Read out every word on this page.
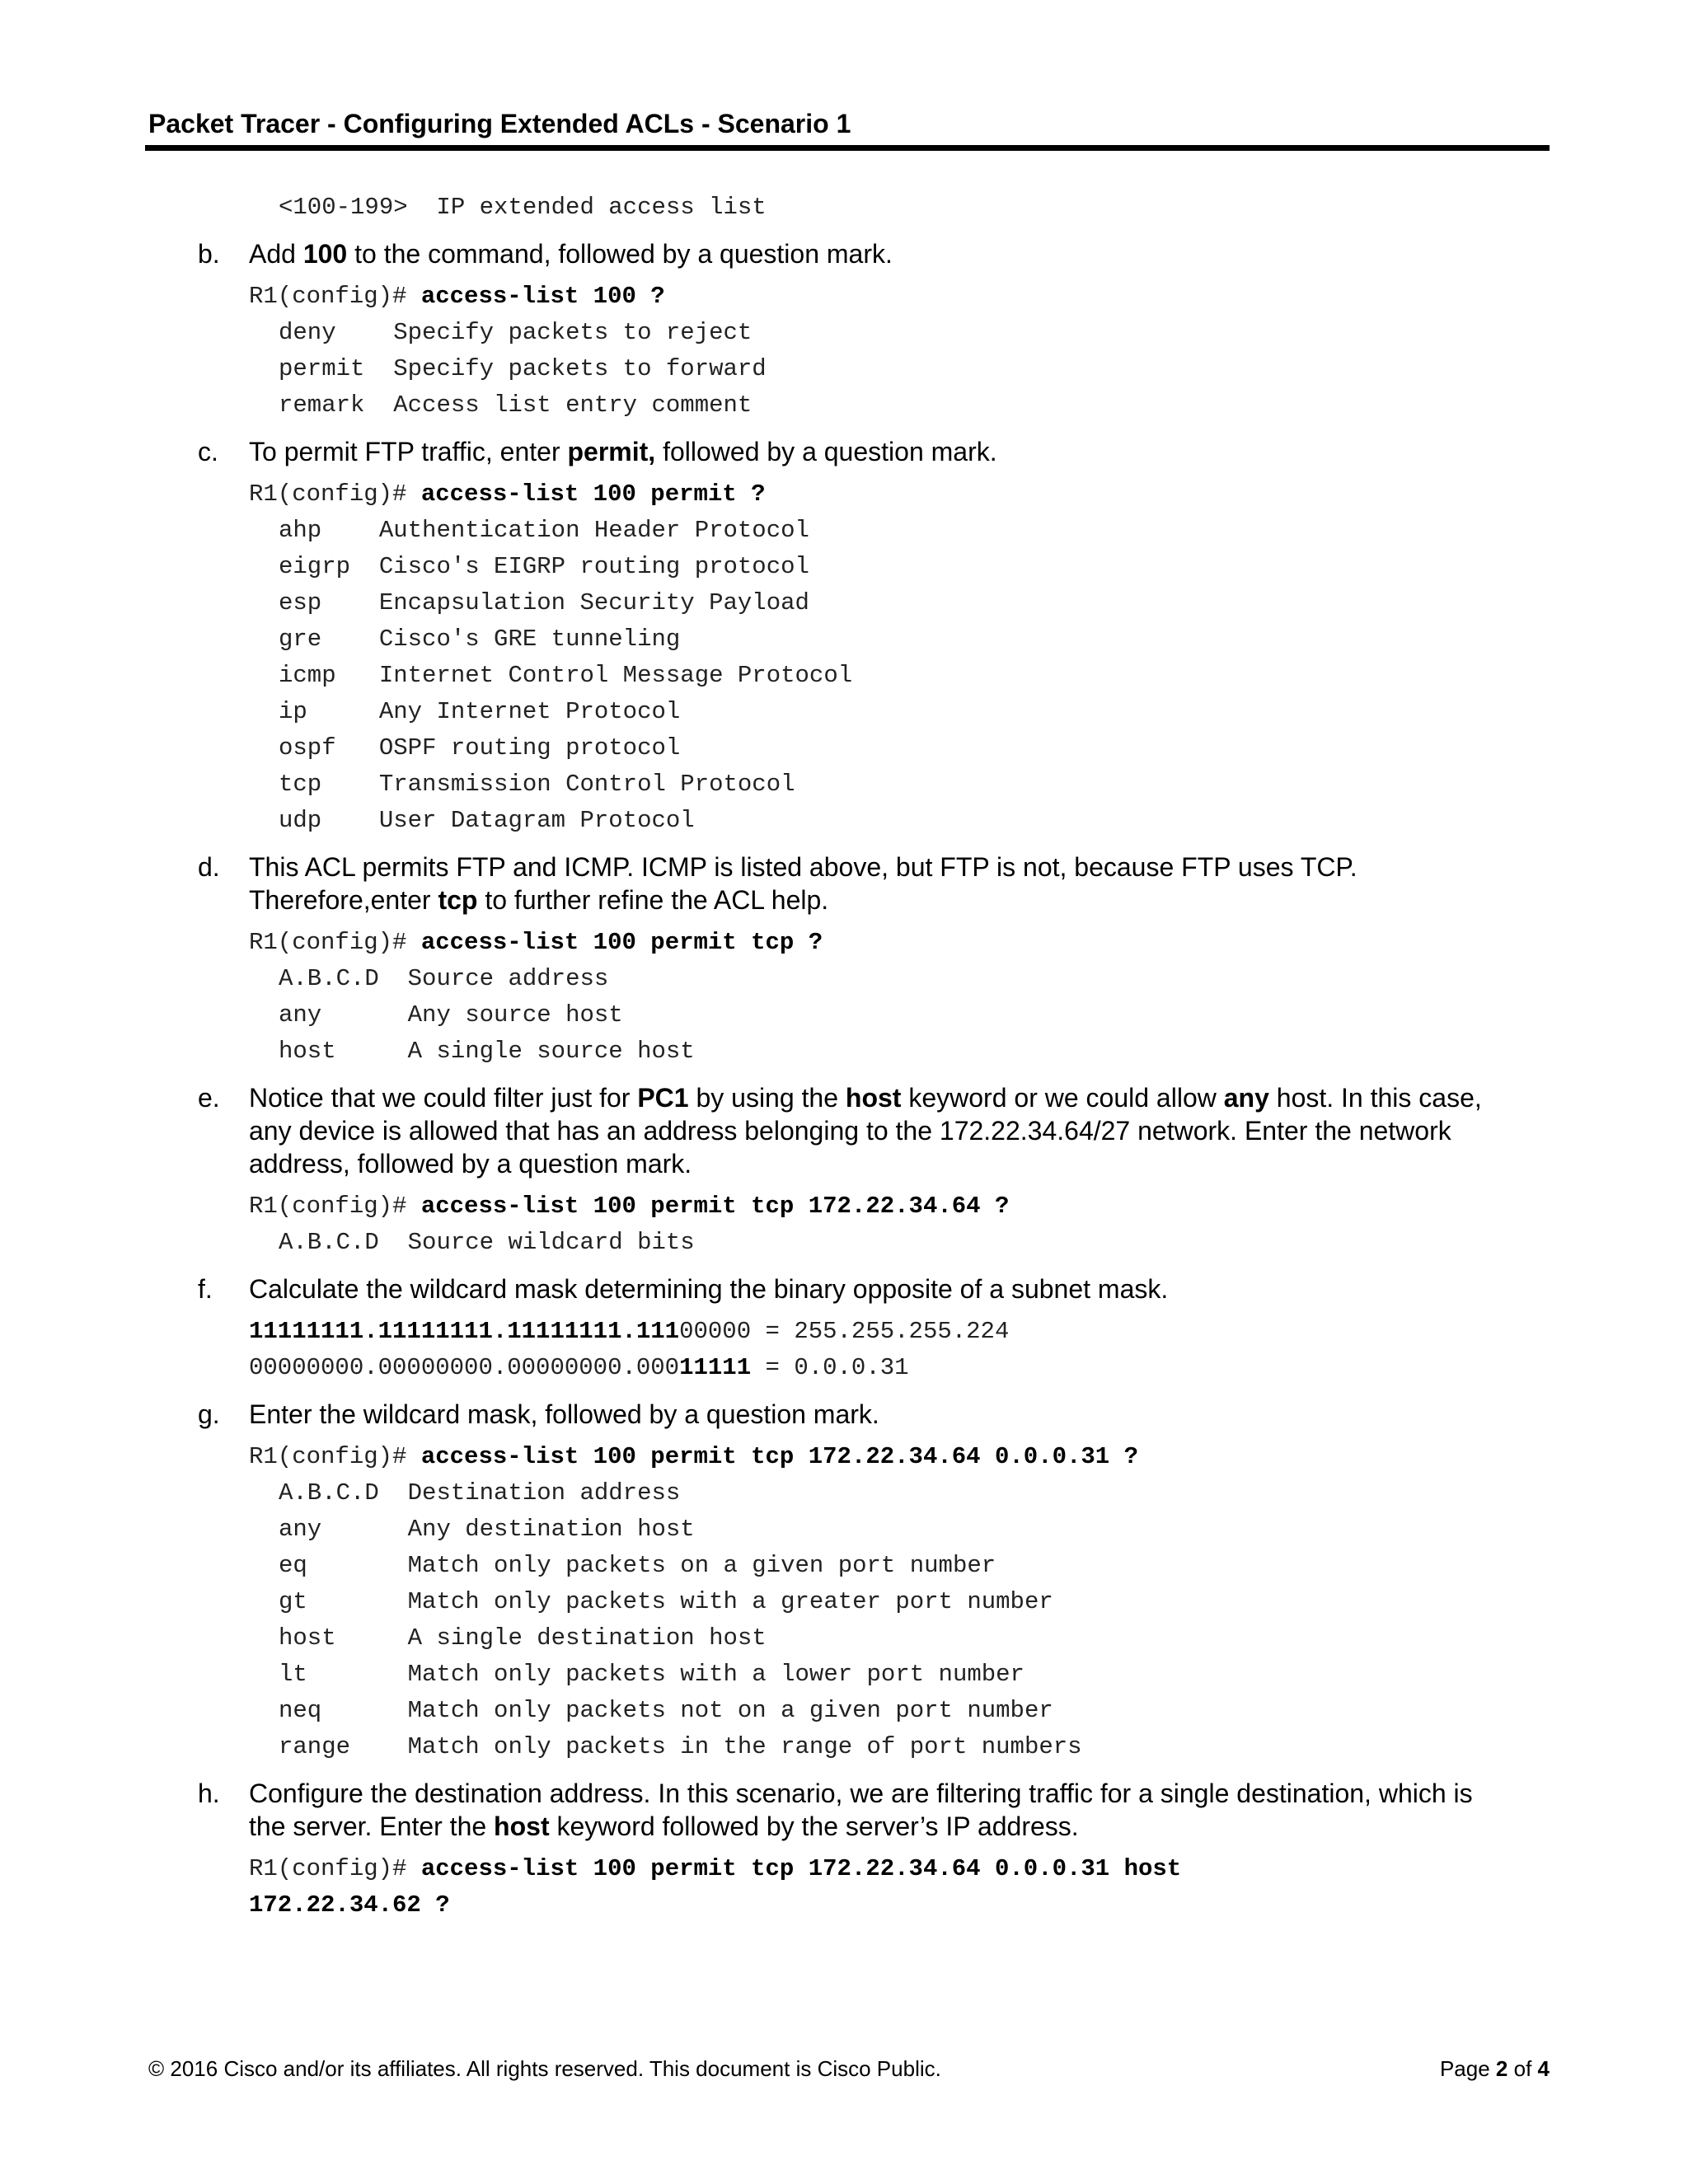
Packet Tracer - Configuring Extended ACLs - Scenario 1
<100-199>  IP extended access list
b. Add 100 to the command, followed by a question mark.
R1(config)# access-list 100 ?
deny    Specify packets to reject
permit  Specify packets to forward
remark  Access list entry comment
c. To permit FTP traffic, enter permit, followed by a question mark.
R1(config)# access-list 100 permit ?
ahp    Authentication Header Protocol
eigrp  Cisco's EIGRP routing protocol
esp    Encapsulation Security Payload
gre    Cisco's GRE tunneling
icmp   Internet Control Message Protocol
ip     Any Internet Protocol
ospf   OSPF routing protocol
tcp    Transmission Control Protocol
udp    User Datagram Protocol
d. This ACL permits FTP and ICMP. ICMP is listed above, but FTP is not, because FTP uses TCP.
Therefore,enter tcp to further refine the ACL help.
R1(config)# access-list 100 permit tcp ?
A.B.C.D  Source address
any      Any source host
host     A single source host
e. Notice that we could filter just for PC1 by using the host keyword or we could allow any host. In this case,
any device is allowed that has an address belonging to the 172.22.34.64/27 network. Enter the network
address, followed by a question mark.
R1(config)# access-list 100 permit tcp 172.22.34.64 ?
A.B.C.D  Source wildcard bits
f. Calculate the wildcard mask determining the binary opposite of a subnet mask.
11111111.11111111.11111111.11100000 = 255.255.255.224
00000000.00000000.00000000.00011111 = 0.0.0.31
g. Enter the wildcard mask, followed by a question mark.
R1(config)# access-list 100 permit tcp 172.22.34.64 0.0.0.31 ?
A.B.C.D  Destination address
any      Any destination host
eq       Match only packets on a given port number
gt       Match only packets with a greater port number
host     A single destination host
lt       Match only packets with a lower port number
neq      Match only packets not on a given port number
range    Match only packets in the range of port numbers
h. Configure the destination address. In this scenario, we are filtering traffic for a single destination, which is
the server. Enter the host keyword followed by the server’s IP address.
R1(config)# access-list 100 permit tcp 172.22.34.64 0.0.0.31 host
172.22.34.62 ?
© 2016 Cisco and/or its affiliates. All rights reserved. This document is Cisco Public.	Page 2 of 4
